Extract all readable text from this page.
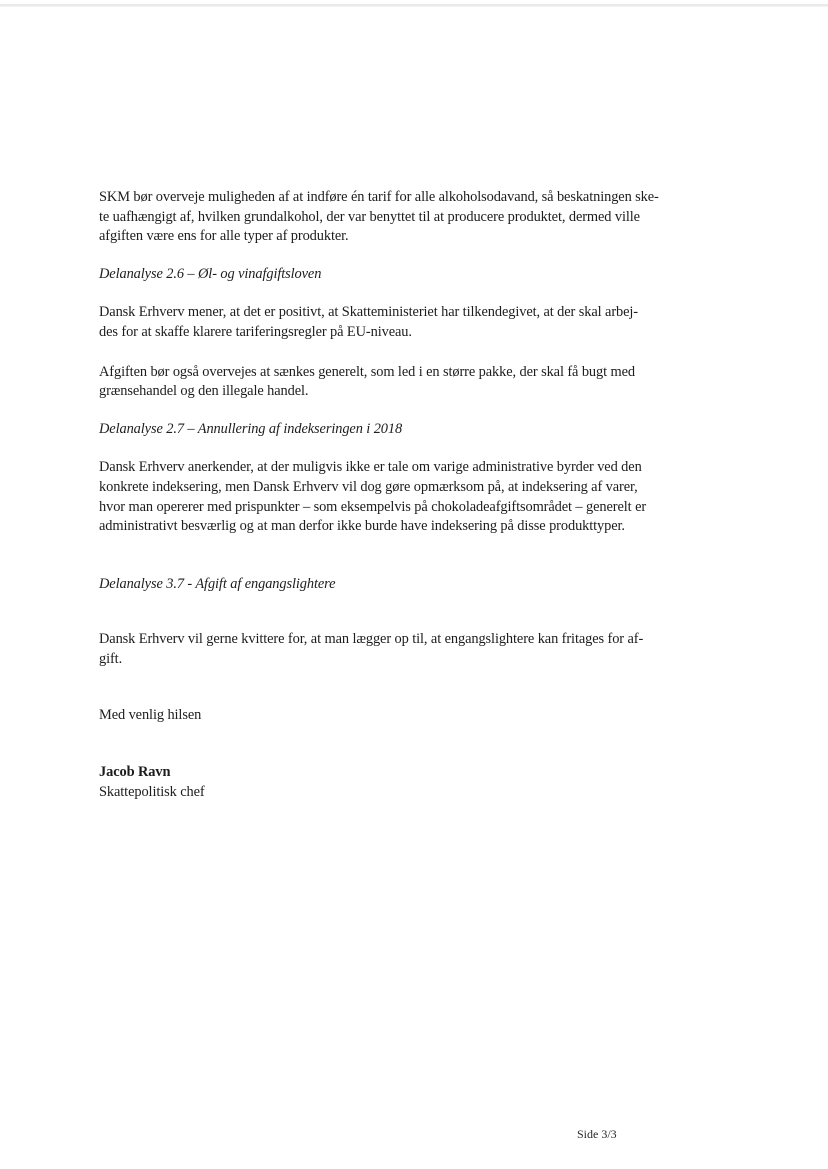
SKM bør overveje muligheden af at indføre én tarif for alle alkoholsodavand, så beskatningen ske-

te uafhængigt af, hvilken grundalkohol, der var benyttet til at producere produktet, dermed ville

afgiften være ens for alle typer af produkter.

Delanalyse 2.6 – Øl- og vinafgiftsloven

Dansk Erhverv mener, at det er positivt, at Skatteministeriet har tilkendegivet, at der skal arbej-

des for at skaffe klarere tariferingsregler på EU-niveau.

Afgiften bør også overvejes at sænkes generelt, som led i en større pakke, der skal få bugt med

grænsehandel og den illegale handel.

Delanalyse 2.7 – Annullering af indekseringen i 2018

Dansk Erhverv anerkender, at der muligvis ikke er tale om varige administrative byrder ved den

konkrete indeksering, men Dansk Erhverv vil dog gøre opmærksom på, at indeksering af varer,

hvor man opererer med prispunkter – som eksempelvis på chokoladeafgiftsområdet – generelt er

administrativt besværlig og at man derfor ikke burde have indeksering på disse produkttyper.

Delanalyse 3.7 - Afgift af engangslightere

Dansk Erhverv vil gerne kvittere for, at man lægger op til, at engangslightere kan fritages for af-

gift.

Med venlig hilsen

Jacob Ravn

Skattepolitisk chef

Side 3/3
